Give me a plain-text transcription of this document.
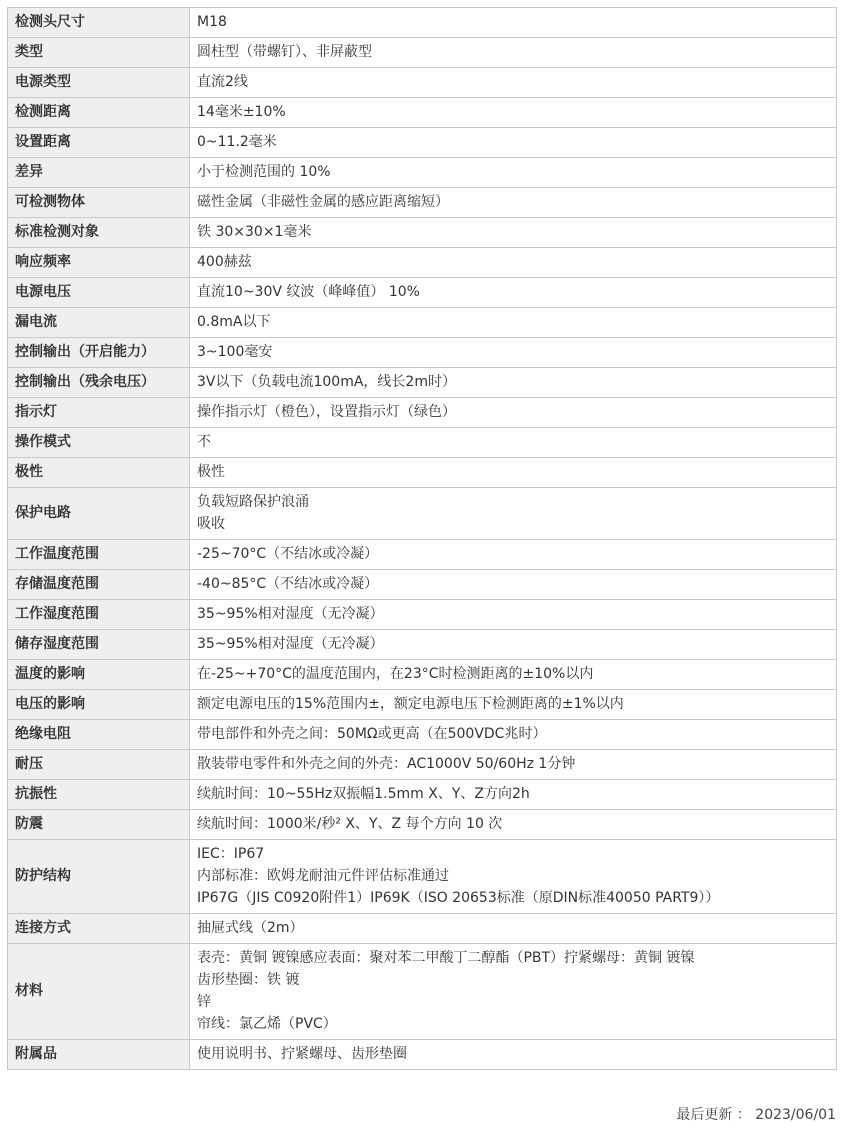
检测头尺寸	M18

类型	圆柱型（带螺钉）、非屏蔽型

电源类型	直流2线

检测距离	14毫米±10%

设置距离	0~11.2毫米

差异	小于检测范围的 10%

可检测物体	磁性金属（非磁性金属的感应距离缩短）

标准检测对象	铁 30×30×1毫米

响应频率	400赫兹

电源电压	直流10~30V 纹波（峰峰值） 10%

漏电流	0.8mA以下

控制输出（开启能力）	3~100毫安

控制输出（残余电压）	3V以下（负载电流100mA，线长2m时）

指示灯	操作指示灯（橙色），设置指示灯（绿色）

操作模式	不

极性	极性

保护电路	负载短路保护浪涌
吸收

工作温度范围	-25~70°C（不结冰或冷凝）

存储温度范围	-40~85°C（不结冰或冷凝）

工作湿度范围	35~95%相对湿度（无冷凝）

储存湿度范围	35~95%相对湿度（无冷凝）

温度的影响	在-25~+70°C的温度范围内，在23°C时检测距离的±10%以内

电压的影响	额定电源电压的15%范围内±，额定电源电压下检测距离的±1%以内

绝缘电阻	带电部件和外壳之间：50MΩ或更高（在500VDC兆时）

耐压	散装带电零件和外壳之间的外壳：AC1000V 50/60Hz 1分钟

抗振性	续航时间：10~55Hz双振幅1.5mm X、Y、Z方向2h

防震	续航时间：1000米/秒² X、Y、Z 每个方向 10 次

防护结构	IEC：IP67
内部标准：欧姆龙耐油元件评估标准通过
IP67G（JIS C0920附件1）IP69K（ISO 20653标准（原DIN标准40050 PART9））

连接方式	抽屉式线（2m）

材料	表壳：黄铜 镀镍感应表面：聚对苯二甲酸丁二醇酯（PBT）拧紧螺母：黄铜 镀镍
齿形垫圈：铁 镀
锌
帘线：氯乙烯（PVC）

附属品	使用说明书、拧紧螺母、齿形垫圈
最后更新 ： 2023/06/01
